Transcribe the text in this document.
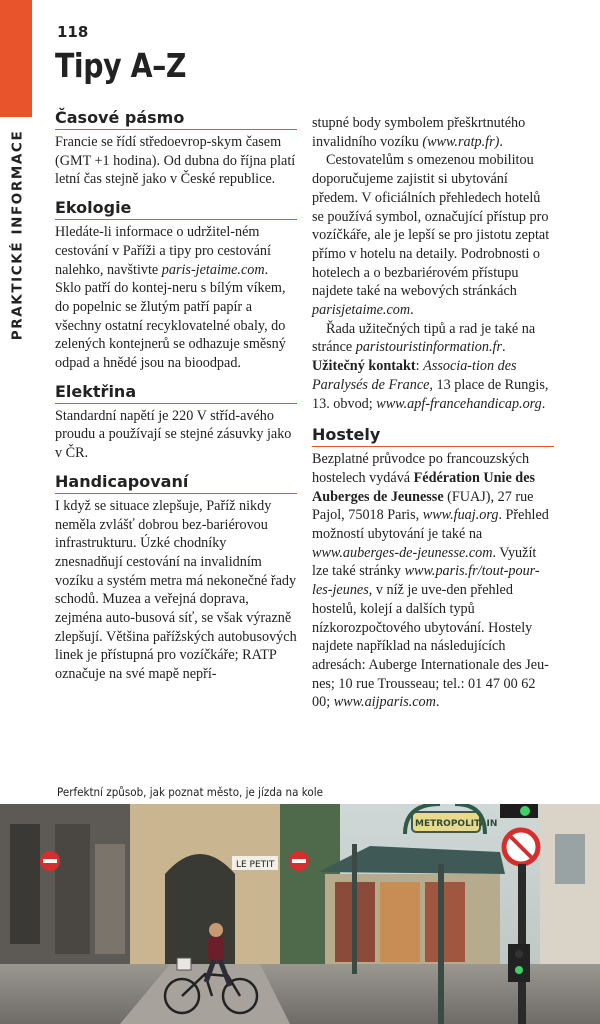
PRAKTICKÉ INFORMACE
118
Tipy A–Z
Časové pásmo

Francie se řídí středoevrop-skym časem (GMT +1 hodina). Od dubna do října platí letní čas stejně jako v České republice.

Ekologie

Hledáte-li informace o udržitel-ném cestování v Paříži a tipy pro cestování nalehko, navštivte paris-jetaime.com. Sklo patří do kontej-neru s bílým víkem, do popelnic se žlutým patří papír a všechny ostatní recyklovatelné obaly, do zelených kontejnerů se odhazuje směsný odpad a hnědé jsou na bioodpad.

Elektřina

Standardní napětí je 220 V stříd-avého proudu a používají se stejné zásuvky jako v ČR.

Handicapovaní

I když se situace zlepšuje, Paříž nikdy neměla zvlášť dobrou bez-bariérovou infrastrukturu. Úzké chodníky znesnadňují cestování na invalidním vozíku a systém metra má nekonečné řady schodů. Muzea a veřejná doprava, zejména auto-busová síť, se však výrazně zlepšují. Většina pařížských autobusových linek je přístupná pro vozíčkáře; RATP označuje na své mapě nepří-

stupné body symbolem přeškrtnutého invalidního vozíku (www.ratp.fr).

Cestovatelům s omezenou mobilitou doporučujeme zajistit si ubytování předem. V oficiálních přehledech hotelů se používá symbol, označující přístup pro vozíčkáře, ale je lepší se pro jistotu zeptat přímo v hotelu na detaily. Podrobnosti o hotelech a o bezbariérovém přístupu najdete také na webových stránkách parisjetaime.com.

Řada užitečných tipů a rad je také na stránce paristouristinformation.fr. Užitečný kontakt: Associa-tion des Paralysés de France, 13 place de Rungis, 13. obvod; www.apf-francehandicap.org.

Hostely

Bezplatné průvodce po francouzských hostelech vydává Fédération Unie des Auberges de Jeunesse (FUAJ), 27 rue Pajol, 75018 Paris, www.fuaj.org. Přehled možností ubytování je také na www.auberges-de-jeunesse.com. Využít lze také stránky www.paris.fr/tout-pour-les-jeunes, v níž je uve-den přehled hostelů, kolejí a dalších typů nízkorozpočtového ubytování. Hostely najdete například na následujících adresách: Auberge Internationale des Jeu-nes; 10 rue Trousseau; tel.: 01 47 00 62 00; www.aijparis.com.

Perfektní způsob, jak poznat město, je jízda na kole
LE PETIT
METROPOLITAIN
